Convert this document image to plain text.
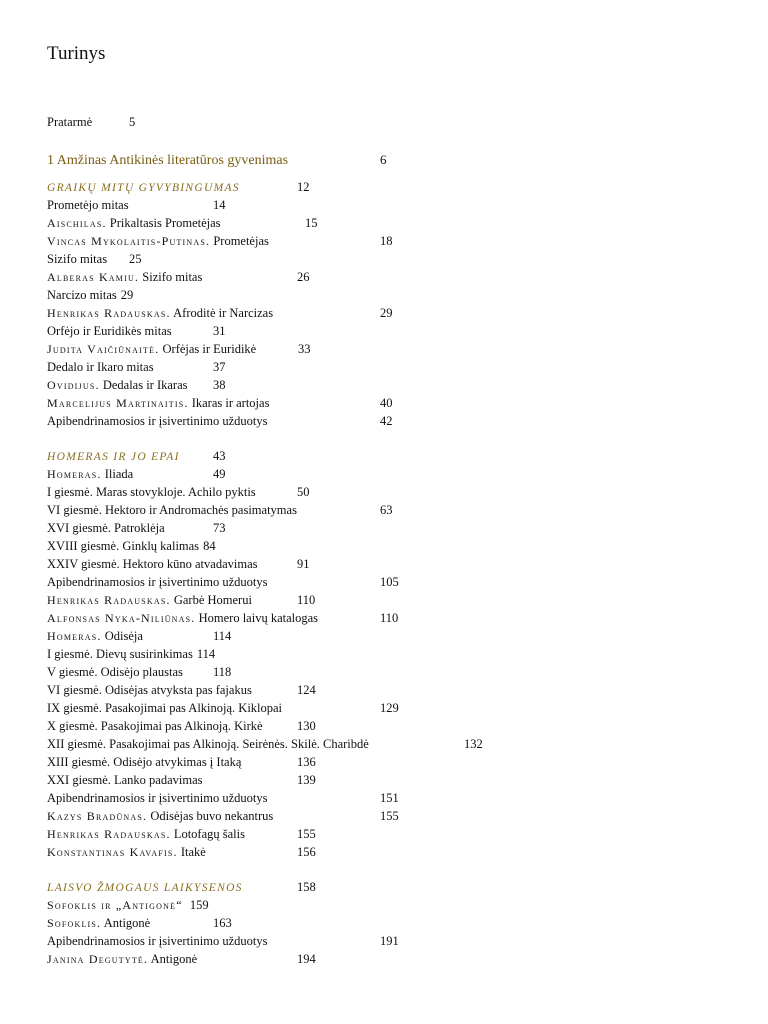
Turinys
Pratarmė	5
1 Amžinas Antikinės literatūros gyvenimas	6
GRAIKŲ MITŲ GYVYBINGUMAS	12
Prometėjo mitas	14
Aischilas. Prikaltasis Prometėjas	15
Vincas Mykolaitis-Putinas. Prometėjas	18
Sizifo mitas 25
Alberas Kamiu. Sizifo mitas	26
Narcizo mitas 29
Henrikas Radauskas. Afroditė ir Narcizas	29
Orfėjo ir Euridikės mitas	31
Judita Vaičiūnaitė. Orfėjas ir Euridikė	33
Dedalo ir Ikaro mitas	37
Ovidijus. Dedalas ir Ikaras 38
Marcelijus Martinaitis. Ikaras ir artojas	40
Apibendrinamosios ir įsivertinimo užduotys	42
HOMERAS IR JO EPAI	43
Homeras. Iliada	49
I giesmė. Maras stovykloje. Achilo pyktis	50
VI giesmė. Hektoro ir Andromachės pasimatymas	63
XVI giesmė. Patroklėja	73
XVIII giesmė. Ginklų kalimas 84
XXIV giesmė. Hektoro kūno atvadavimas	91
Apibendrinamosios ir įsivertinimo užduotys	105
Henrikas Radauskas. Garbė Homerui	110
Alfonsas Nyka-Niliūnas. Homero laivų katalogas	110
Homeras. Odisėja	114
I giesmė. Dievų susirinkimas 114
V giesmė. Odisėjo plaustas 118
VI giesmė. Odisėjas atvyksta pas fajakus	124
IX giesmė. Pasakojimai pas Alkinoją. Kiklopai	129
X giesmė. Pasakojimai pas Alkinoją. Kirkė	130
XII giesmė. Pasakojimai pas Alkinoją. Seirėnės. Skilė. Charibdė	132
XIII giesmė. Odisėjo atvykimas į Itaką	136
XXI giesmė. Lanko padavimas	139
Apibendrinamosios ir įsivertinimo užduotys	151
Kazys Bradūnas. Odisėjas buvo nekantrus	155
Henrikas Radauskas. Lotofagų šalis	155
Konstantinas Kavafis. Itakė	156
LAISVO ŽMOGAUS LAIKYSENOS	158
Sofoklis ir „Antigonė“ 159
Sofoklis. Antigonė	163
Apibendrinamosios ir įsivertinimo užduotys	191
Janina Degutytė. Antigonė	194
